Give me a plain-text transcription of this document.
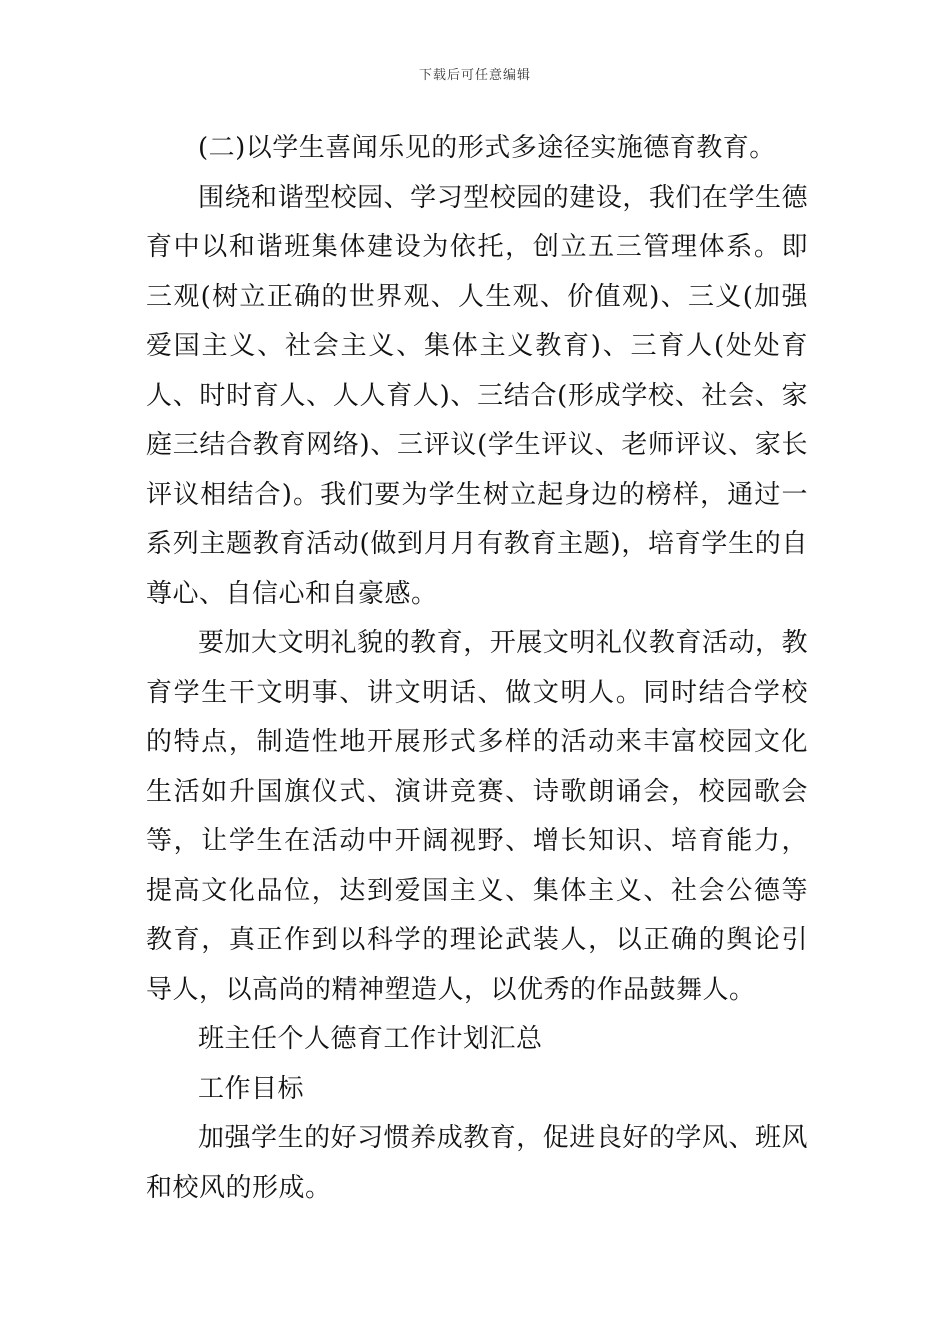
下载后可任意编辑

(二)以学生喜闻乐见的形式多途径实施德育教育。

围绕和谐型校园、学习型校园的建设，我们在学生德育中以和谐班集体建设为依托，创立五三管理体系。即三观(树立正确的世界观、人生观、价值观)、三义(加强爱国主义、社会主义、集体主义教育)、三育人(处处育人、时时育人、人人育人)、三结合(形成学校、社会、家庭三结合教育网络)、三评议(学生评议、老师评议、家长评议相结合)。我们要为学生树立起身边的榜样，通过一系列主题教育活动(做到月月有教育主题)，培育学生的自尊心、自信心和自豪感。

要加大文明礼貌的教育，开展文明礼仪教育活动，教育学生干文明事、讲文明话、做文明人。同时结合学校的特点，制造性地开展形式多样的活动来丰富校园文化生活如升国旗仪式、演讲竞赛、诗歌朗诵会，校园歌会等，让学生在活动中开阔视野、增长知识、培育能力，提高文化品位，达到爱国主义、集体主义、社会公德等教育，真正作到以科学的理论武装人，以正确的舆论引导人，以高尚的精神塑造人，以优秀的作品鼓舞人。

班主任个人德育工作计划汇总

工作目标

加强学生的好习惯养成教育，促进良好的学风、班风和校风的形成。
